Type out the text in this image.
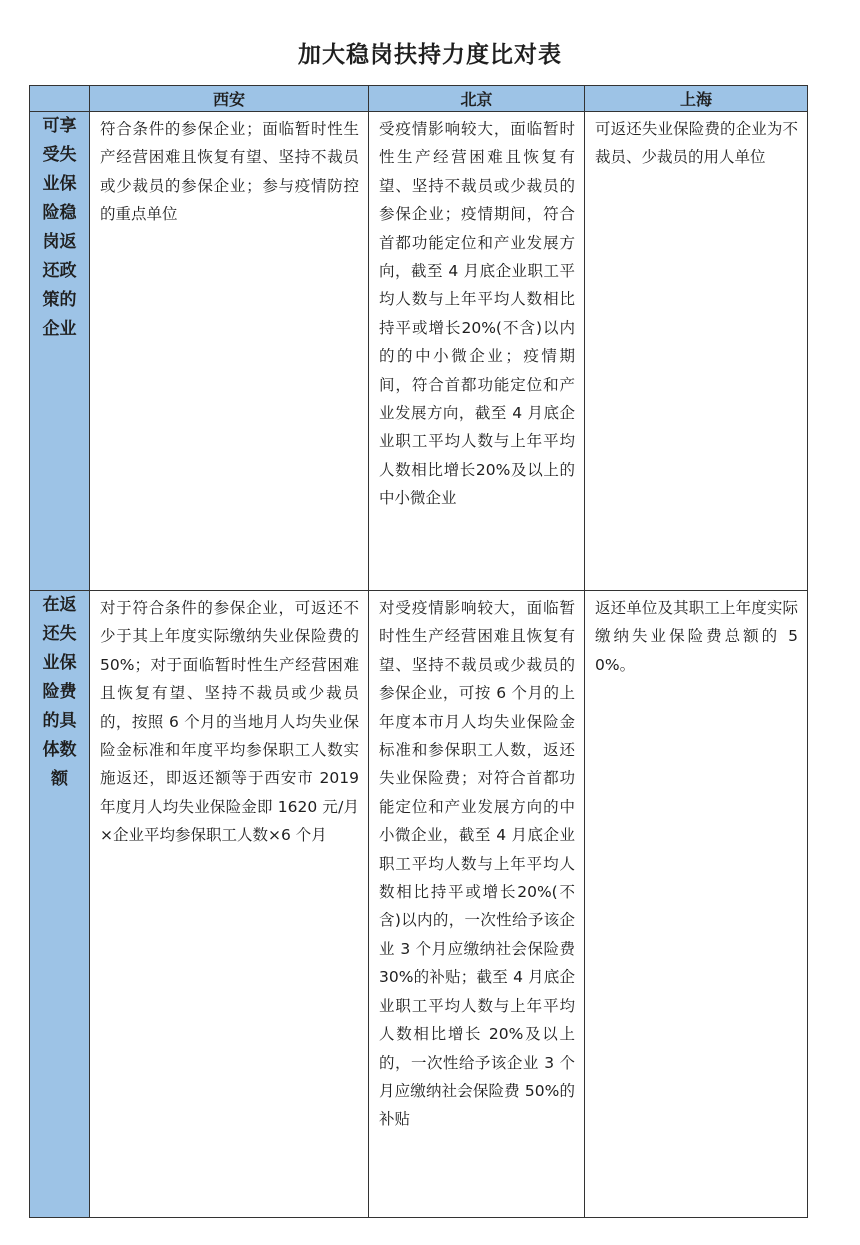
加大稳岗扶持力度比对表
	西安	北京	上海

可享受失业保险稳岗返还政策的企业	符合条件的参保企业；面临暂时性生产经营困难且恢复有望、坚持不裁员或少裁员的参保企业；参与疫情防控的重点单位	受疫情影响较大，面临暂时性生产经营困难且恢复有望、坚持不裁员或少裁员的参保企业；疫情期间，符合首都功能定位和产业发展方向，截至 4 月底企业职工平均人数与上年平均人数相比持平或增长20%(不含)以内的的中小微企业；疫情期间，符合首都功能定位和产业发展方向，截至 4 月底企业职工平均人数与上年平均人数相比增长20%及以上的中小微企业	可返还失业保险费的企业为不裁员、少裁员的用人单位

在返还失业保险费的具体数额	对于符合条件的参保企业，可返还不少于其上年度实际缴纳失业保险费的 50%；对于面临暂时性生产经营困难且恢复有望、坚持不裁员或少裁员的，按照 6 个月的当地月人均失业保险金标准和年度平均参保职工人数实施返还，即返还额等于西安市 2019 年度月人均失业保险金即 1620 元/月×企业平均参保职工人数×6 个月	对受疫情影响较大，面临暂时性生产经营困难且恢复有望、坚持不裁员或少裁员的参保企业，可按 6 个月的上年度本市月人均失业保险金标准和参保职工人数，返还失业保险费；对符合首都功能定位和产业发展方向的中小微企业，截至 4 月底企业职工平均人数与上年平均人数相比持平或增长20%(不含)以内的，一次性给予该企业 3 个月应缴纳社会保险费 30%的补贴；截至 4 月底企业职工平均人数与上年平均人数相比增长 20%及以上的，一次性给予该企业 3 个月应缴纳社会保险费 50%的补贴	返还单位及其职工上年度实际缴纳失业保险费总额的 50%。
